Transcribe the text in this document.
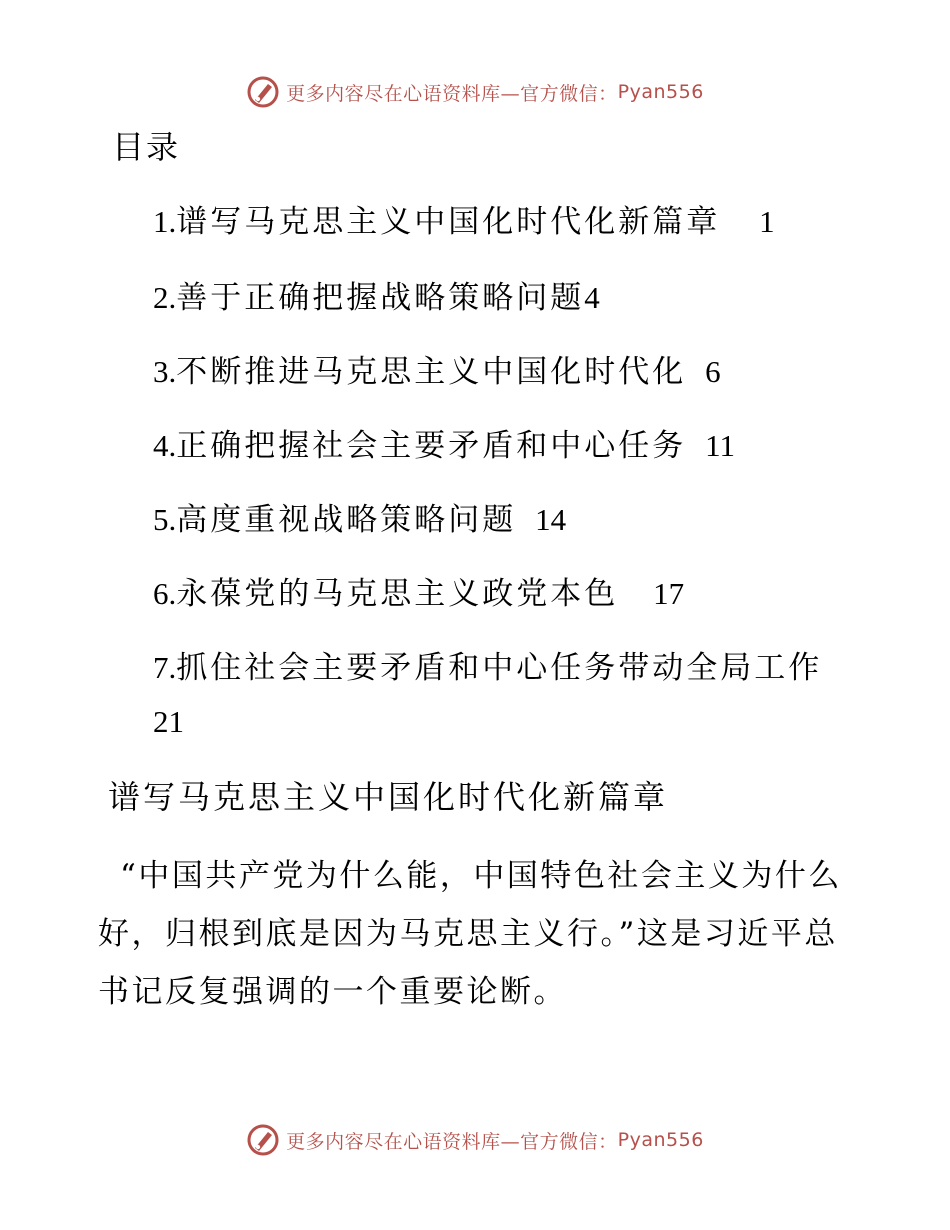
更多内容尽在心语资料库—官方微信： Pyan556
目录
1.谱写马克思主义中国化时代化新篇章 1
2.善于正确把握战略策略问题4
3.不断推进马克思主义中国化时代化 6
4.正确把握社会主要矛盾和中心任务 11
5.高度重视战略策略问题 14
6.永葆党的马克思主义政党本色 17
7.抓住社会主要矛盾和中心任务带动全局工作
21
谱写马克思主义中国化时代化新篇章
“中国共产党为什么能，中国特色社会主义为什么好，归根到底是因为马克思主义行。”这是习近平总书记反复强调的一个重要论断。
更多内容尽在心语资料库—官方微信： Pyan556
